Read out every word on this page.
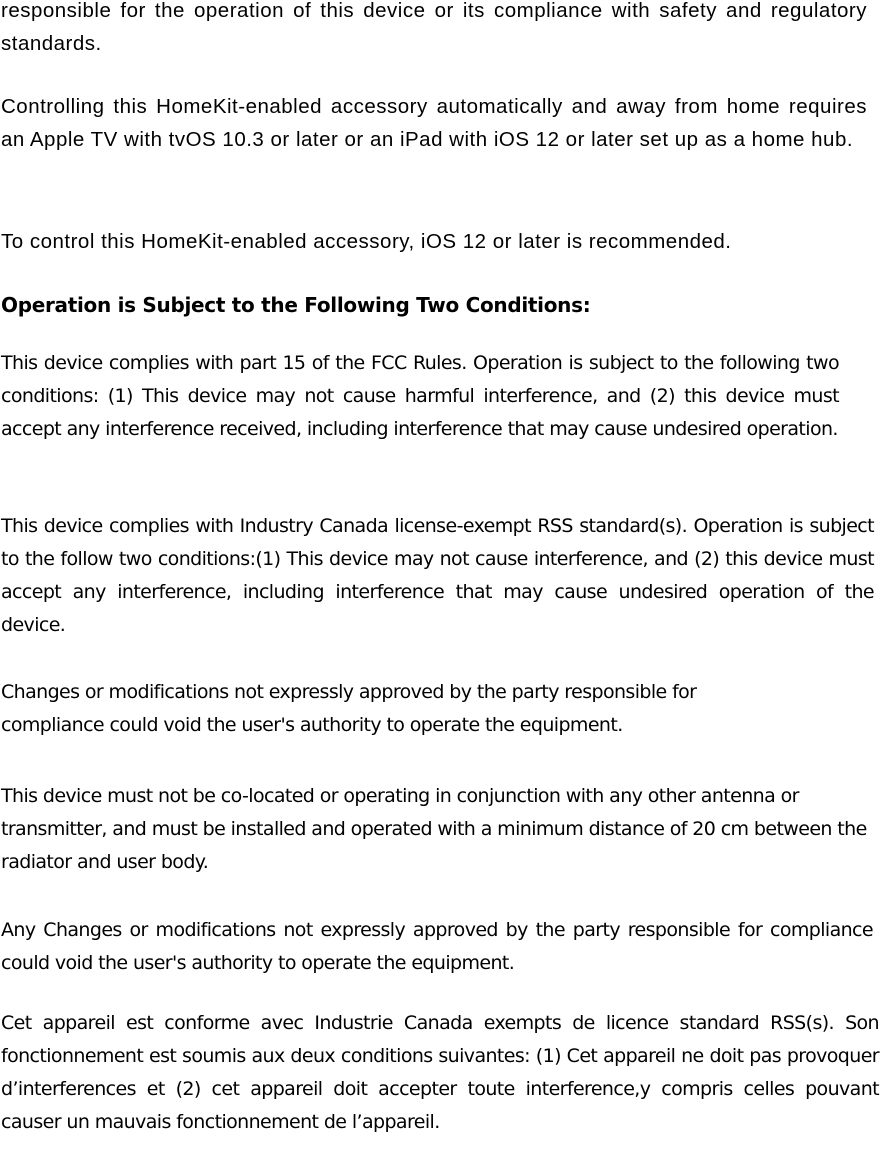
responsible for the operation of this device or its compliance with safety and regulatory standards.

Controlling this HomeKit-enabled accessory automatically and away from home requires an Apple TV with tvOS 10.3 or later or an iPad with iOS 12 or later set up as a home hub.

To control this HomeKit-enabled accessory, iOS 12 or later is recommended.

Operation is Subject to the Following Two Conditions:

This device complies with part 15 of the FCC Rules. Operation is subject to the following two conditions: (1) This device may not cause harmful interference, and (2) this device must accept any interference received, including interference that may cause undesired operation.

This device complies with Industry Canada license-exempt RSS standard(s). Operation is subject to the follow two conditions:(1) This device may not cause interference, and (2) this device must accept any interference, including interference that may cause undesired operation of the device.

Changes or modifications not expressly approved by the party responsible for compliance could void the user's authority to operate the equipment.

This device must not be co-located or operating in conjunction with any other antenna or transmitter, and must be installed and operated with a minimum distance of 20 cm between the radiator and user body.

Any Changes or modifications not expressly approved by the party responsible for compliance could void the user's authority to operate the equipment.

Cet appareil est conforme avec Industrie Canada exempts de licence standard RSS(s). Son fonctionnement est soumis aux deux conditions suivantes: (1) Cet appareil ne doit pas provoquer d’interferences et (2) cet appareil doit accepter toute interference,y compris celles pouvant causer un mauvais fonctionnement de l’appareil.
